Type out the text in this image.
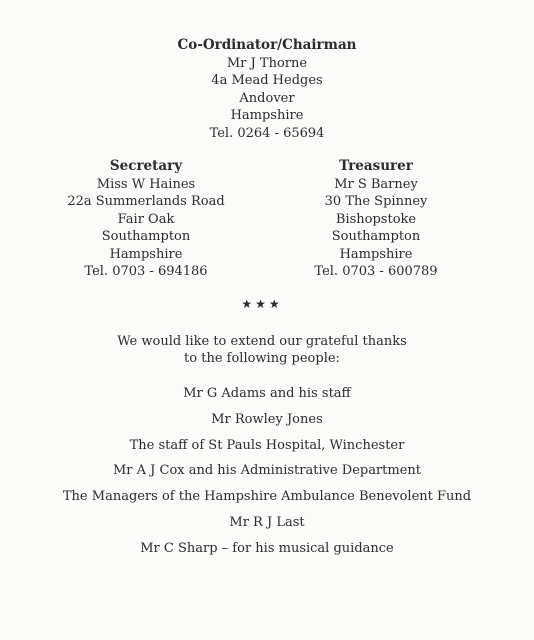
Co-Ordinator/Chairman
Mr J Thorne
4a Mead Hedges
Andover
Hampshire
Tel. 0264 - 65694
Secretary
Miss W Haines
22a Summerlands Road
Fair Oak
Southampton
Hampshire
Tel. 0703 - 694186
Treasurer
Mr S Barney
30 The Spinney
Bishopstoke
Southampton
Hampshire
Tel. 0703 - 600789
★★★
We would like to extend our grateful thanks
to the following people:
Mr G Adams and his staff
Mr Rowley Jones
The staff of St Pauls Hospital, Winchester
Mr A J Cox and his Administrative Department
The Managers of the Hampshire Ambulance Benevolent Fund
Mr R J Last
Mr C Sharp – for his musical guidance
